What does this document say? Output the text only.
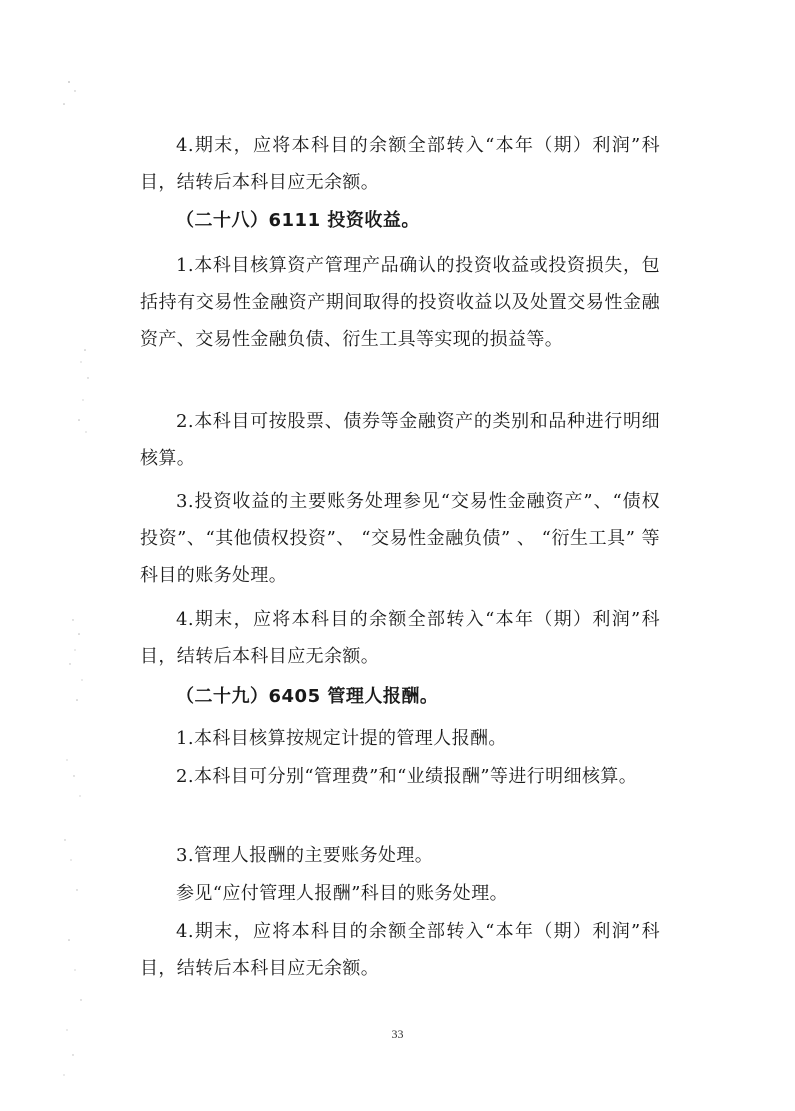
4.期末，应将本科目的余额全部转入“本年（期）利润”科目，结转后本科目应无余额。

（二十八）6111 投资收益。

1.本科目核算资产管理产品确认的投资收益或投资损失，包括持有交易性金融资产期间取得的投资收益以及处置交易性金融资产、交易性金融负债、衍生工具等实现的损益等。

2.本科目可按股票、债券等金融资产的类别和品种进行明细核算。

3.投资收益的主要账务处理参见“交易性金融资产”、“债权投资”、“其他债权投资”、 “交易性金融负债” 、 “衍生工具” 等科目的账务处理。

4.期末，应将本科目的余额全部转入“本年（期）利润”科目，结转后本科目应无余额。

（二十九）6405 管理人报酬。

1.本科目核算按规定计提的管理人报酬。

2.本科目可分别“管理费”和“业绩报酬”等进行明细核算。

3.管理人报酬的主要账务处理。

参见“应付管理人报酬”科目的账务处理。

4.期末，应将本科目的余额全部转入“本年（期）利润”科目，结转后本科目应无余额。

33
